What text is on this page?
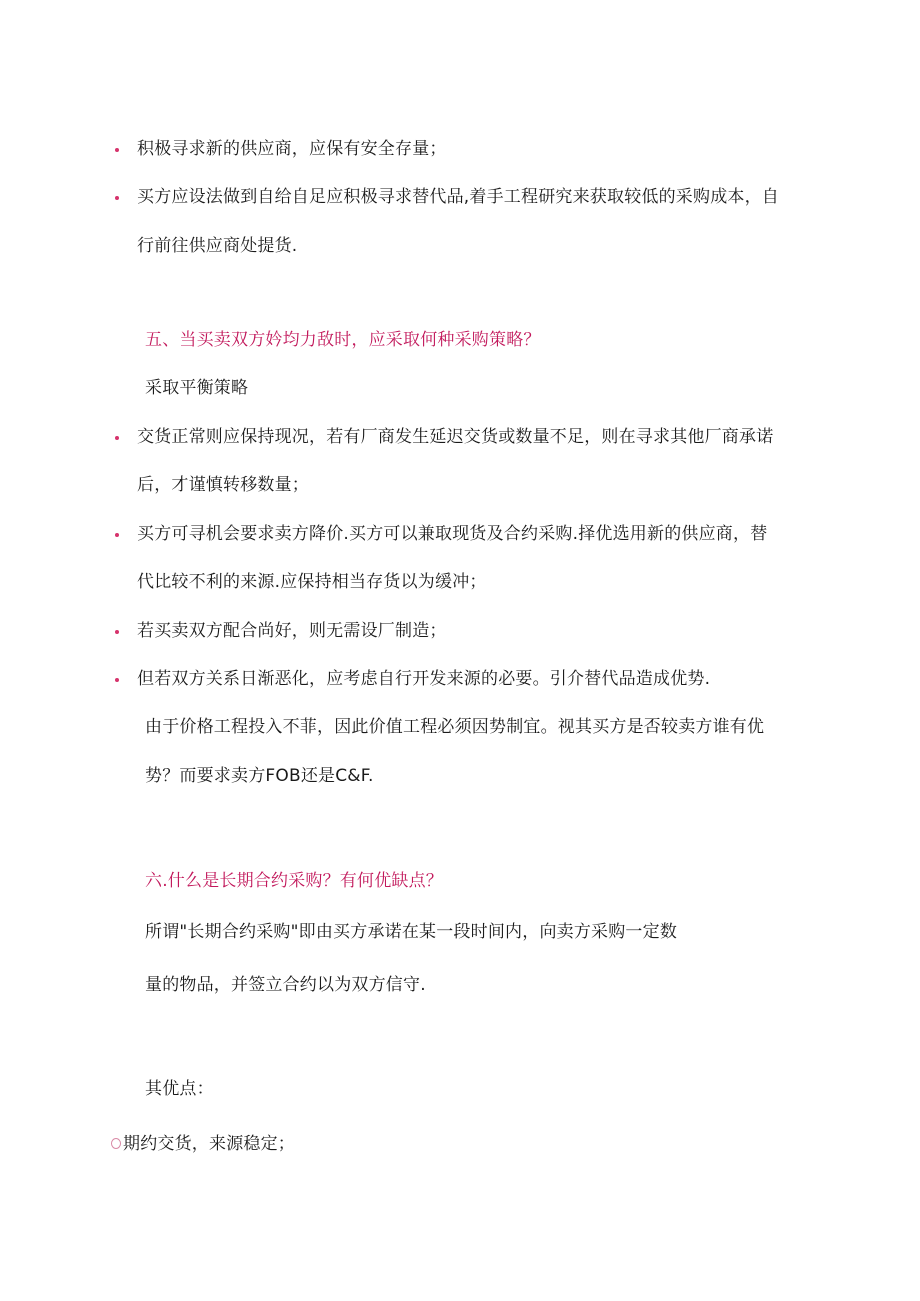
积极寻求新的供应商，应保有安全存量；
买方应设法做到自给自足应积极寻求替代品,着手工程研究来获取较低的采购成本，自
行前往供应商处提货.
五、当买卖双方妗均力敌时，应采取何种采购策略？
采取平衡策略
交货正常则应保持现况，若有厂商发生延迟交货或数量不足，则在寻求其他厂商承诺
后，才谨慎转移数量；
买方可寻机会要求卖方降价.买方可以兼取现货及合约采购.择优选用新的供应商，替
代比较不利的来源.应保持相当存货以为缓冲；
若买卖双方配合尚好，则无需设厂制造；
但若双方关系日渐恶化，应考虑自行开发来源的必要。引介替代品造成优势.
由于价格工程投入不菲，因此价值工程必须因势制宜。视其买方是否较卖方谁有优
势？而要求卖方FOB还是C&F.
六.什么是长期合约采购？有何优缺点？
所谓"长期合约采购"即由买方承诺在某一段时间内，向卖方采购一定数
量的物品，并签立合约以为双方信守.
其优点：
期约交货，来源稳定；
